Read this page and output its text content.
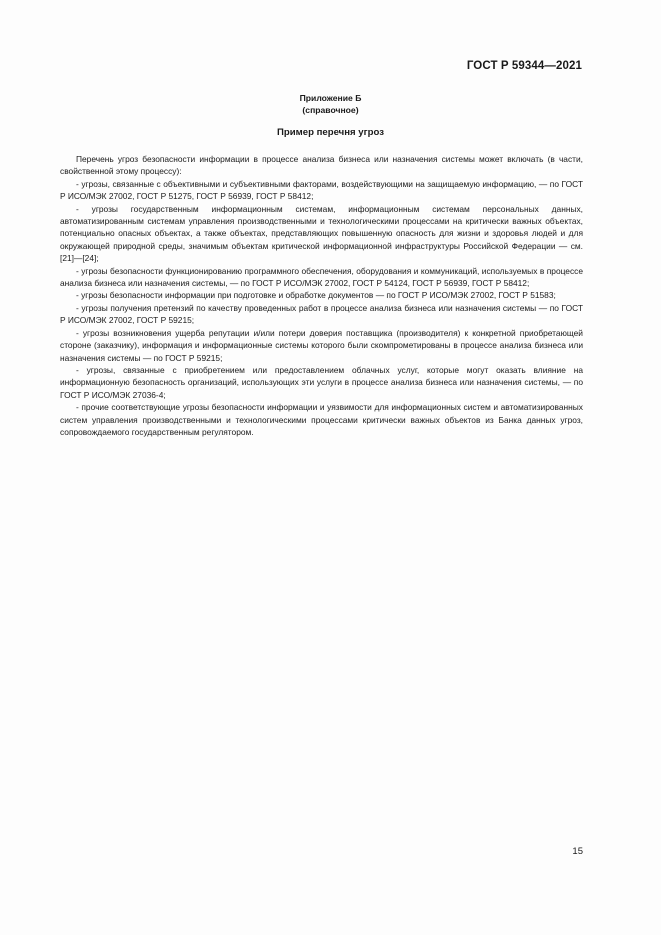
ГОСТ Р 59344—2021
Приложение Б
(справочное)
Пример перечня угроз

Перечень угроз безопасности информации в процессе анализа бизнеса или назначения системы может включать (в части, свойственной этому процессу):

- угрозы, связанные с объективными и субъективными факторами, воздействующими на защищаемую информацию, — по ГОСТ Р ИСО/МЭК 27002, ГОСТ Р 51275, ГОСТ Р 56939, ГОСТ Р 58412;

- угрозы государственным информационным системам, информационным системам персональных данных, автоматизированным системам управления производственными и технологическими процессами на критически важных объектах, потенциально опасных объектах, а также объектах, представляющих повышенную опасность для жизни и здоровья людей и для окружающей природной среды, значимым объектам критической информационной инфраструктуры Российской Федерации — см. [21]—[24];

- угрозы безопасности функционированию программного обеспечения, оборудования и коммуникаций, используемых в процессе анализа бизнеса или назначения системы, — по ГОСТ Р ИСО/МЭК 27002, ГОСТ Р 54124, ГОСТ Р 56939, ГОСТ Р 58412;

- угрозы безопасности информации при подготовке и обработке документов — по ГОСТ Р ИСО/МЭК 27002, ГОСТ Р 51583;

- угрозы получения претензий по качеству проведенных работ в процессе анализа бизнеса или назначения системы — по ГОСТ Р ИСО/МЭК 27002, ГОСТ Р 59215;

- угрозы возникновения ущерба репутации и/или потери доверия поставщика (производителя) к конкретной приобретающей стороне (заказчику), информация и информационные системы которого были скомпрометированы в процессе анализа бизнеса или назначения системы — по ГОСТ Р 59215;

- угрозы, связанные с приобретением или предоставлением облачных услуг, которые могут оказать влияние на информационную безопасность организаций, использующих эти услуги в процессе анализа бизнеса или назначения системы, — по ГОСТ Р ИСО/МЭК 27036-4;

- прочие соответствующие угрозы безопасности информации и уязвимости для информационных систем и автоматизированных систем управления производственными и технологическими процессами критически важных объектов из Банка данных угроз, сопровождаемого государственным регулятором.

15
